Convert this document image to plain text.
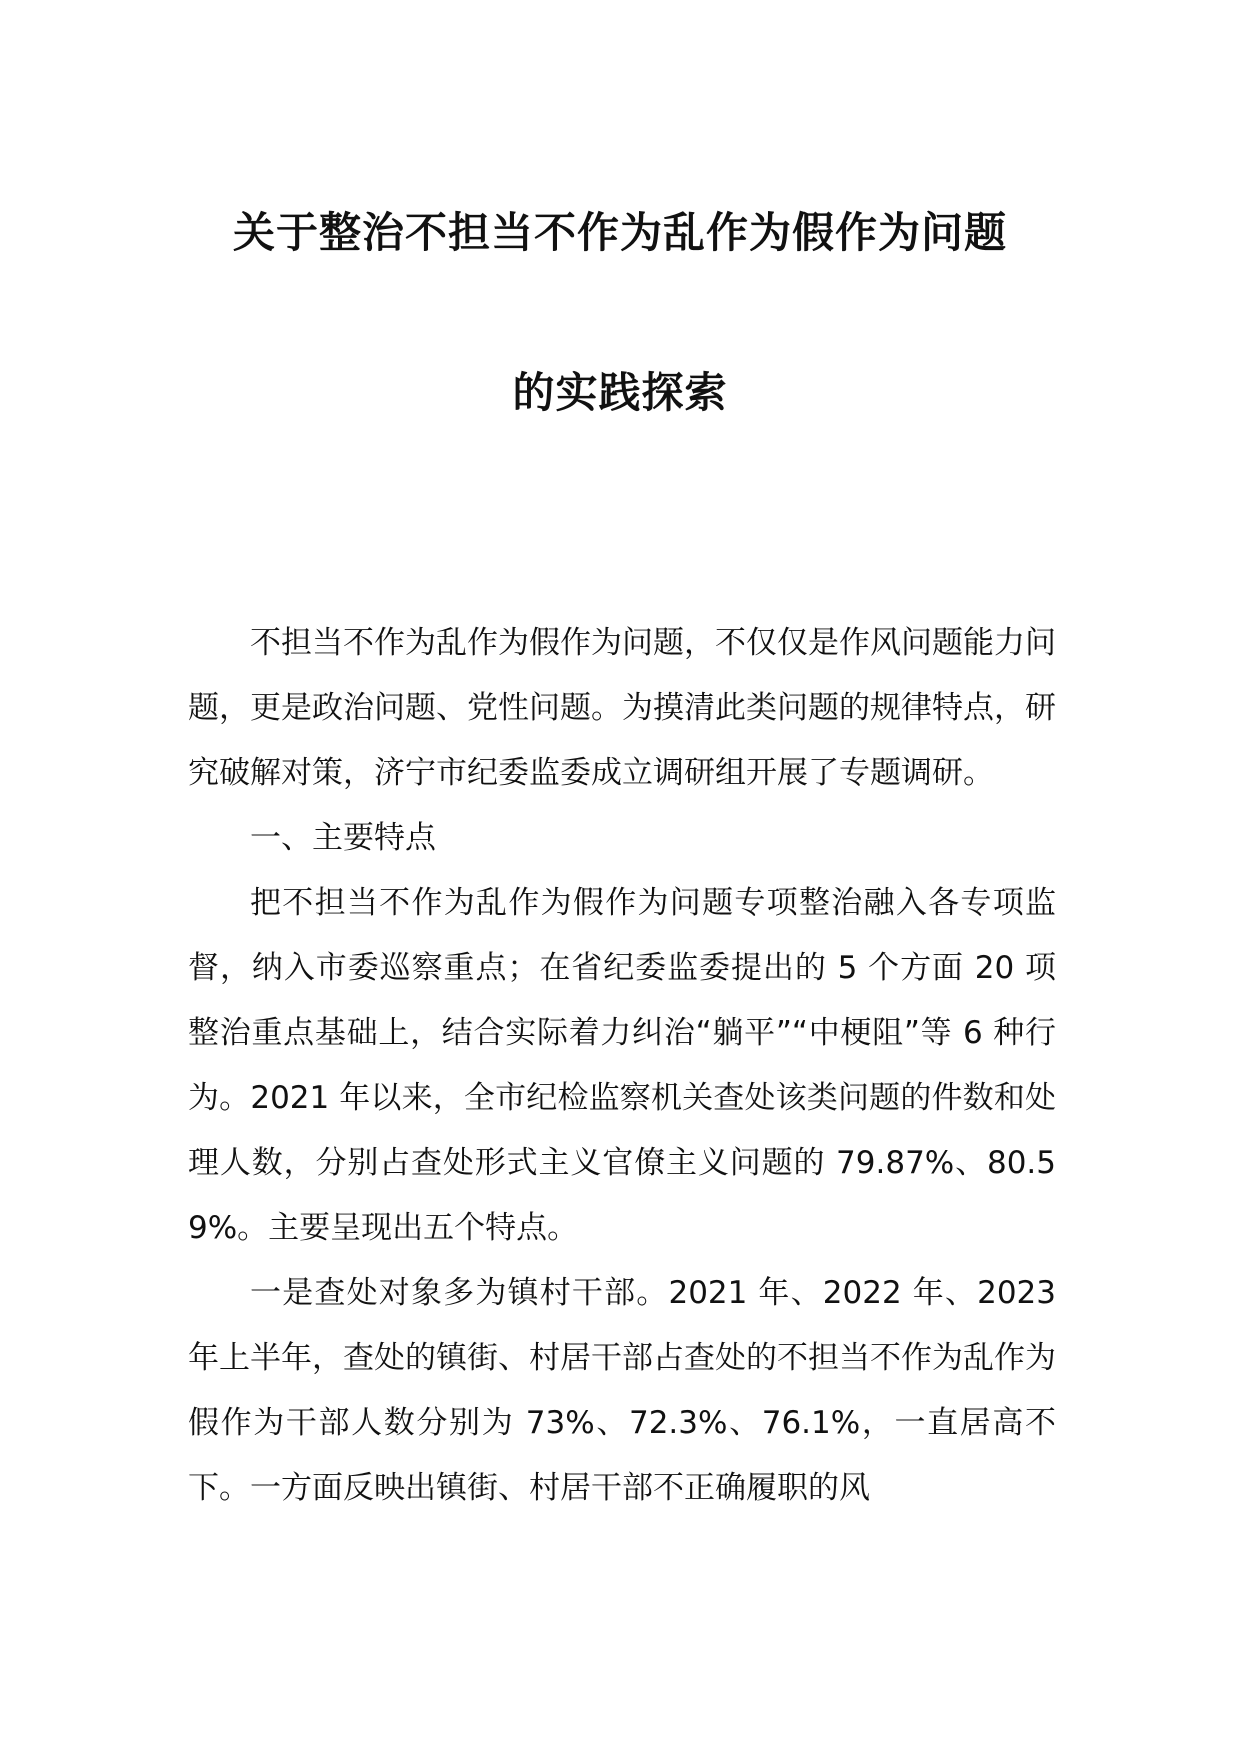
关于整治不担当不作为乱作为假作为问题
的实践探索

不担当不作为乱作为假作为问题，不仅仅是作风问题能力问题，更是政治问题、党性问题。为摸清此类问题的规律特点，研究破解对策，济宁市纪委监委成立调研组开展了专题调研。

一、主要特点

把不担当不作为乱作为假作为问题专项整治融入各专项监督，纳入市委巡察重点；在省纪委监委提出的 5 个方面 20 项整治重点基础上，结合实际着力纠治“躺平”“中梗阻”等 6 种行为。2021 年以来，全市纪检监察机关查处该类问题的件数和处理人数，分别占查处形式主义官僚主义问题的 79.87%、80.59%。主要呈现出五个特点。

一是查处对象多为镇村干部。2021 年、2022 年、2023 年上半年，查处的镇街、村居干部占查处的不担当不作为乱作为假作为干部人数分别为 73%、72.3%、76.1%，一直居高不下。一方面反映出镇街、村居干部不正确履职的风
